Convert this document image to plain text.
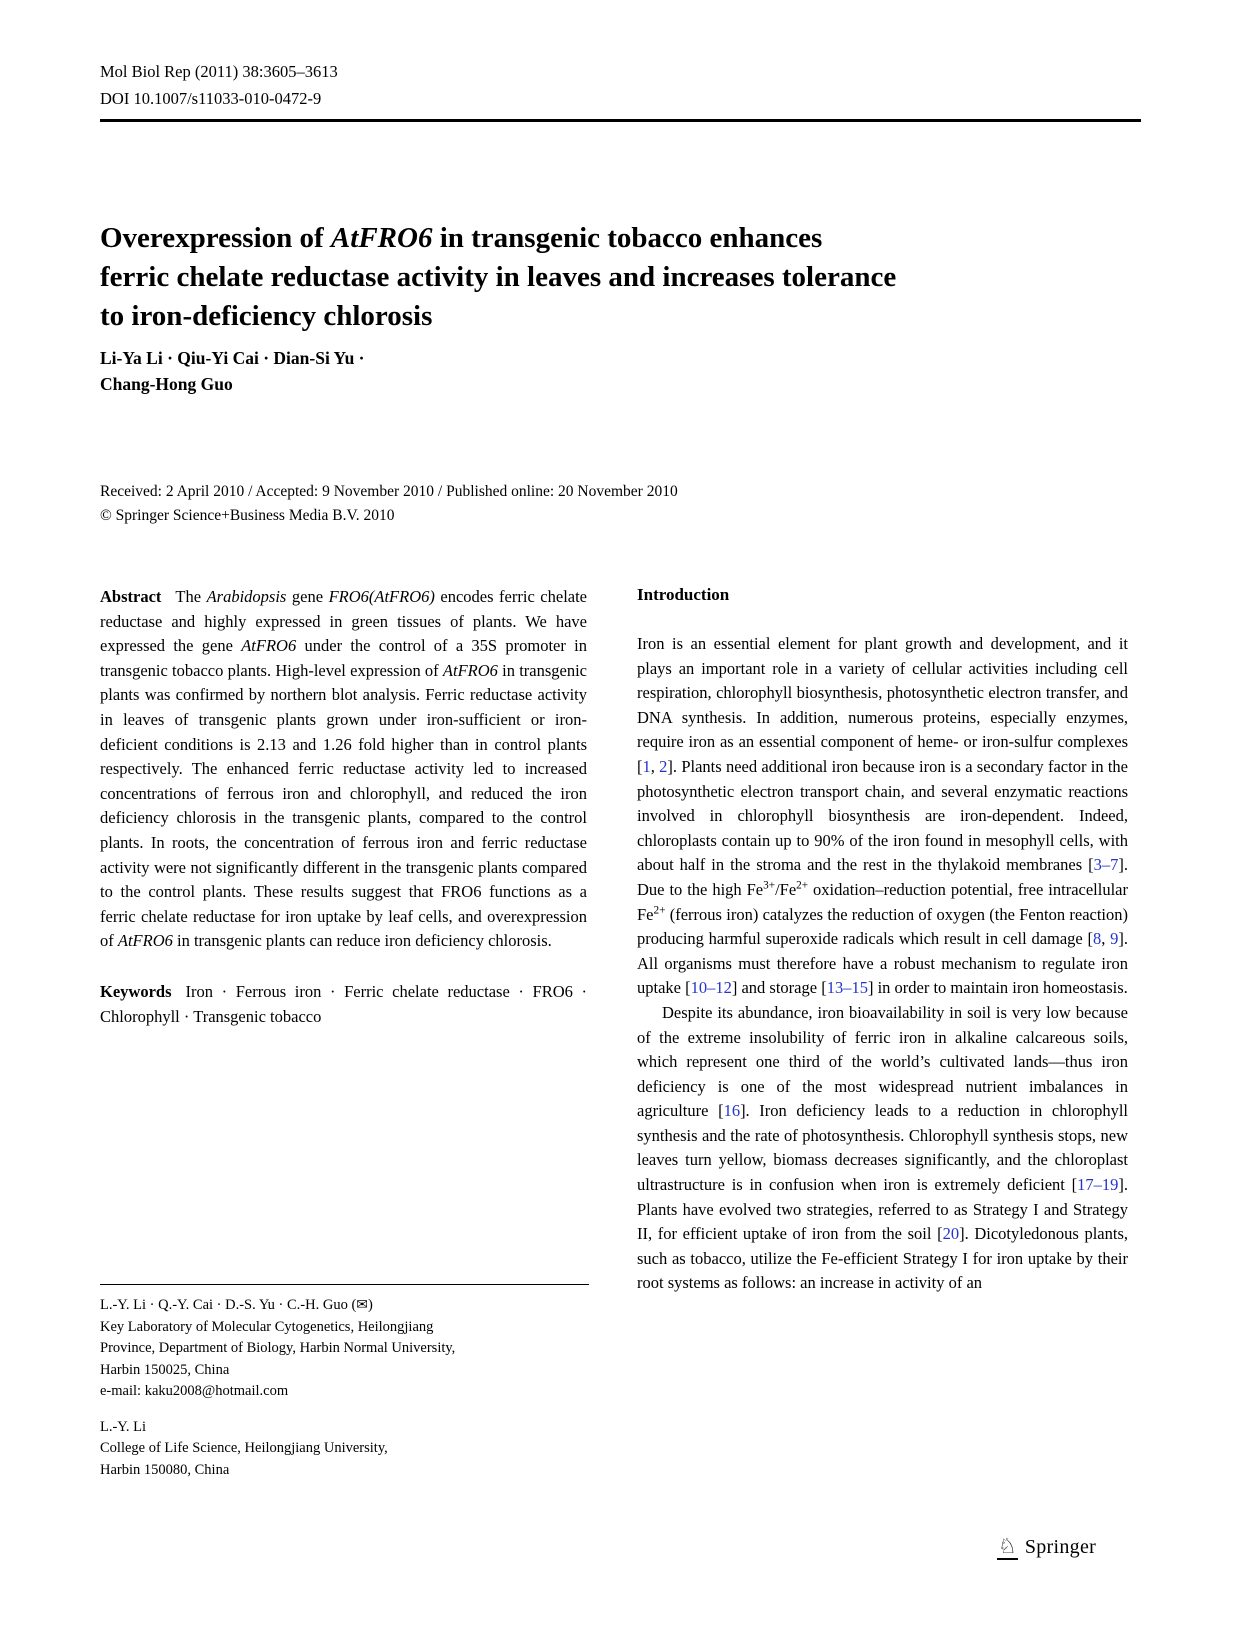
Mol Biol Rep (2011) 38:3605–3613
DOI 10.1007/s11033-010-0472-9
Overexpression of AtFRO6 in transgenic tobacco enhances
ferric chelate reductase activity in leaves and increases tolerance
to iron-deficiency chlorosis
Li-Ya Li · Qiu-Yi Cai · Dian-Si Yu ·
Chang-Hong Guo
Received: 2 April 2010 / Accepted: 9 November 2010 / Published online: 20 November 2010
© Springer Science+Business Media B.V. 2010
Abstract The Arabidopsis gene FRO6(AtFRO6) encodes ferric chelate reductase and highly expressed in green tissues of plants. We have expressed the gene AtFRO6 under the control of a 35S promoter in transgenic tobacco plants. High-level expression of AtFRO6 in transgenic plants was confirmed by northern blot analysis. Ferric reductase activity in leaves of transgenic plants grown under iron-sufficient or iron-deficient conditions is 2.13 and 1.26 fold higher than in control plants respectively. The enhanced ferric reductase activity led to increased concentrations of ferrous iron and chlorophyll, and reduced the iron deficiency chlorosis in the transgenic plants, compared to the control plants. In roots, the concentration of ferrous iron and ferric reductase activity were not significantly different in the transgenic plants compared to the control plants. These results suggest that FRO6 functions as a ferric chelate reductase for iron uptake by leaf cells, and overexpression of AtFRO6 in transgenic plants can reduce iron deficiency chlorosis.
Keywords Iron · Ferrous iron · Ferric chelate reductase · FRO6 · Chlorophyll · Transgenic tobacco
Introduction

Iron is an essential element for plant growth and development, and it plays an important role in a variety of cellular activities including cell respiration, chlorophyll biosynthesis, photosynthetic electron transfer, and DNA synthesis. In addition, numerous proteins, especially enzymes, require iron as an essential component of heme- or iron-sulfur complexes [1, 2]. Plants need additional iron because iron is a secondary factor in the photosynthetic electron transport chain, and several enzymatic reactions involved in chlorophyll biosynthesis are iron-dependent. Indeed, chloroplasts contain up to 90% of the iron found in mesophyll cells, with about half in the stroma and the rest in the thylakoid membranes [3–7]. Due to the high $Fe^{3+}/Fe^{2+}$ oxidation–reduction potential, free intracellular $Fe^{2+}$ (ferrous iron) catalyzes the reduction of oxygen (the Fenton reaction) producing harmful superoxide radicals which result in cell damage [8, 9]. All organisms must therefore have a robust mechanism to regulate iron uptake [10–12] and storage [13–15] in order to maintain iron homeostasis.

Despite its abundance, iron bioavailability in soil is very low because of the extreme insolubility of ferric iron in alkaline calcareous soils, which represent one third of the world’s cultivated lands—thus iron deficiency is one of the most widespread nutrient imbalances in agriculture [16]. Iron deficiency leads to a reduction in chlorophyll synthesis and the rate of photosynthesis. Chlorophyll synthesis stops, new leaves turn yellow, biomass decreases significantly, and the chloroplast ultrastructure is in confusion when iron is extremely deficient [17–19]. Plants have evolved two strategies, referred to as Strategy I and Strategy II, for efficient uptake of iron from the soil [20]. Dicotyledonous plants, such as tobacco, utilize the Fe-efficient Strategy I for iron uptake by their root systems as follows: an increase in activity of an

L.-Y. Li · Q.-Y. Cai · D.-S. Yu · C.-H. Guo (✉)
Key Laboratory of Molecular Cytogenetics, Heilongjiang
Province, Department of Biology, Harbin Normal University,
Harbin 150025, China
e-mail: kaku2008@hotmail.com
L.-Y. Li
College of Life Science, Heilongjiang University,
Harbin 150080, China
♘ Springer
